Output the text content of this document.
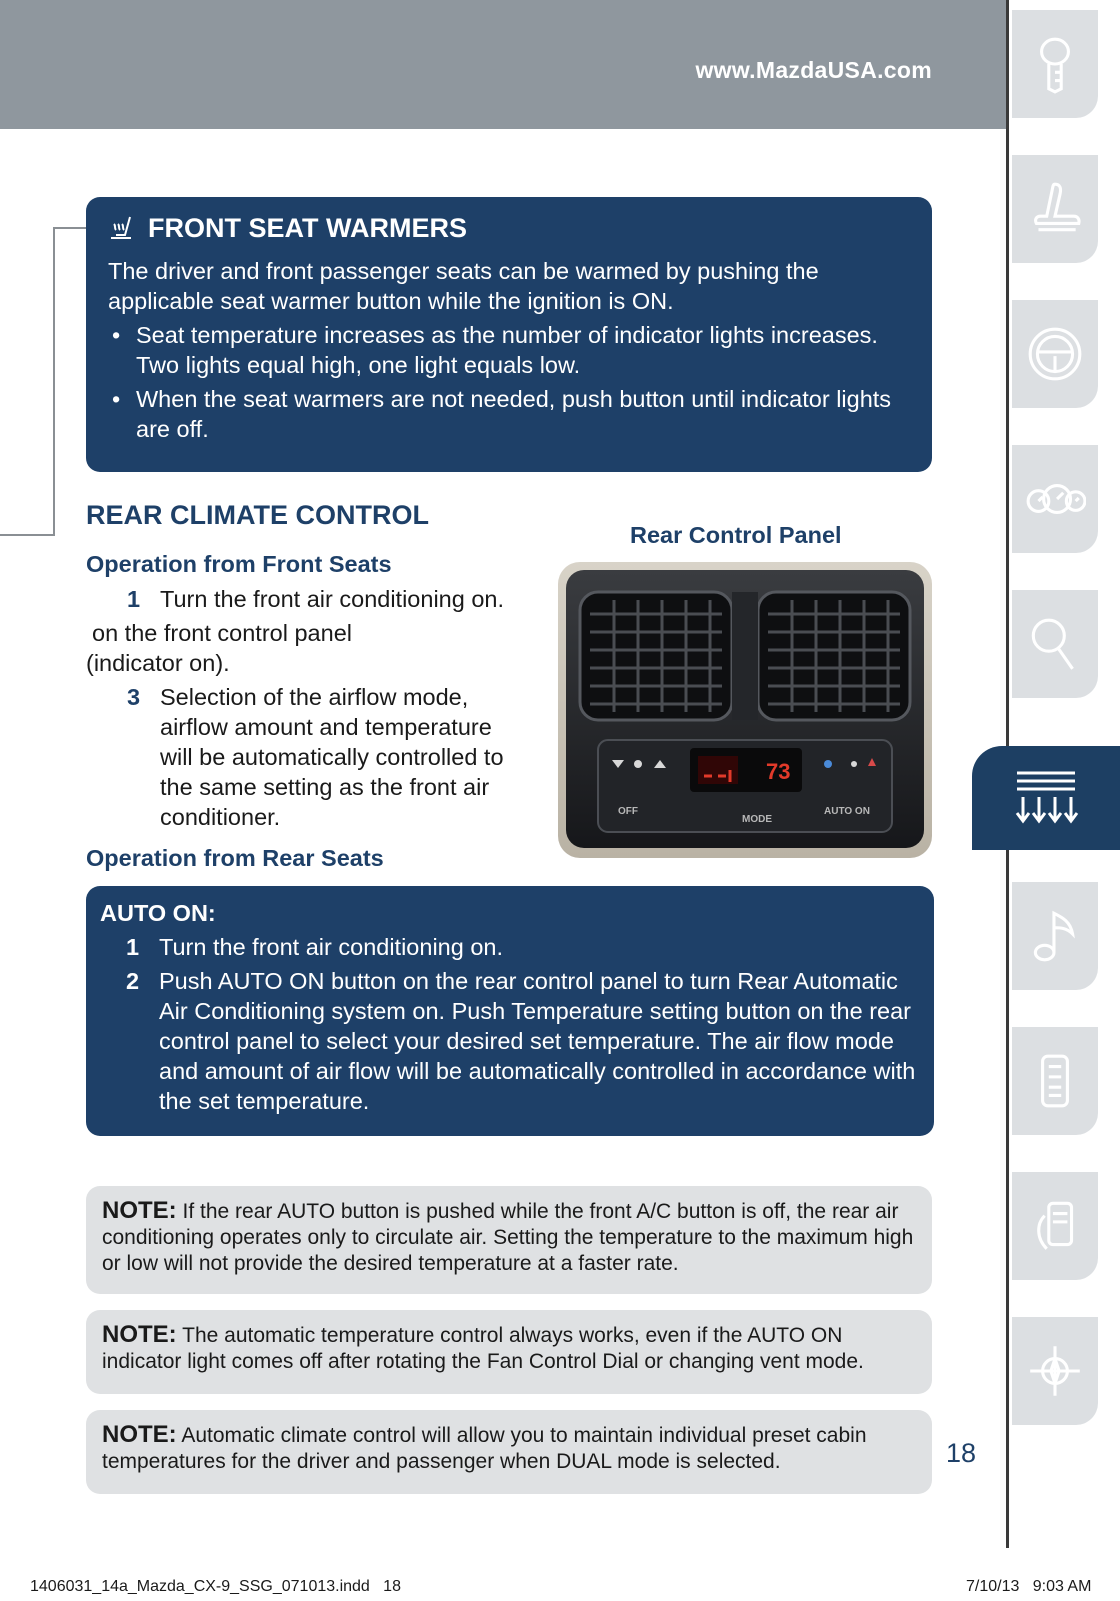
www.MazdaUSA.com
FRONT SEAT WARMERS

The driver and front passenger seats can be warmed by pushing the applicable seat warmer button while the ignition is ON.

• Seat temperature increases as the number of indicator lights increases. Two lights equal high, one light equals low.
• When the seat warmers are not needed, push button until indicator lights are off.
REAR CLIMATE CONTROL
Operation from Front Seats
1 Turn the front air conditioning on.
on the front control panel
(indicator on).
3 Selection of the airflow mode, airflow amount and temperature will be automatically controlled to the same setting as the front air conditioner.
Operation from Rear Seats
Rear Control Panel
73
OFF
MODE
AUTO ON
AUTO ON:
1 Turn the front air conditioning on.
2 Push AUTO ON button on the rear control panel to turn Rear Automatic Air Conditioning system on. Push Temperature setting button on the rear control panel to select your desired set temperature. The air flow mode and amount of air flow will be automatically controlled in accordance with the set temperature.
NOTE: If the rear AUTO button is pushed while the front A/C button is off, the rear air conditioning operates only to circulate air. Setting the temperature to the maximum high or low will not provide the desired temperature at a faster rate.
NOTE: The automatic temperature control always works, even if the AUTO ON indicator light comes off after rotating the Fan Control Dial or changing vent mode.
NOTE: Automatic climate control will allow you to maintain individual preset cabin temperatures for the driver and passenger when DUAL mode is selected.	18
1406031_14a_Mazda_CX-9_SSG_071013.indd   18	7/10/13   9:03 AM
